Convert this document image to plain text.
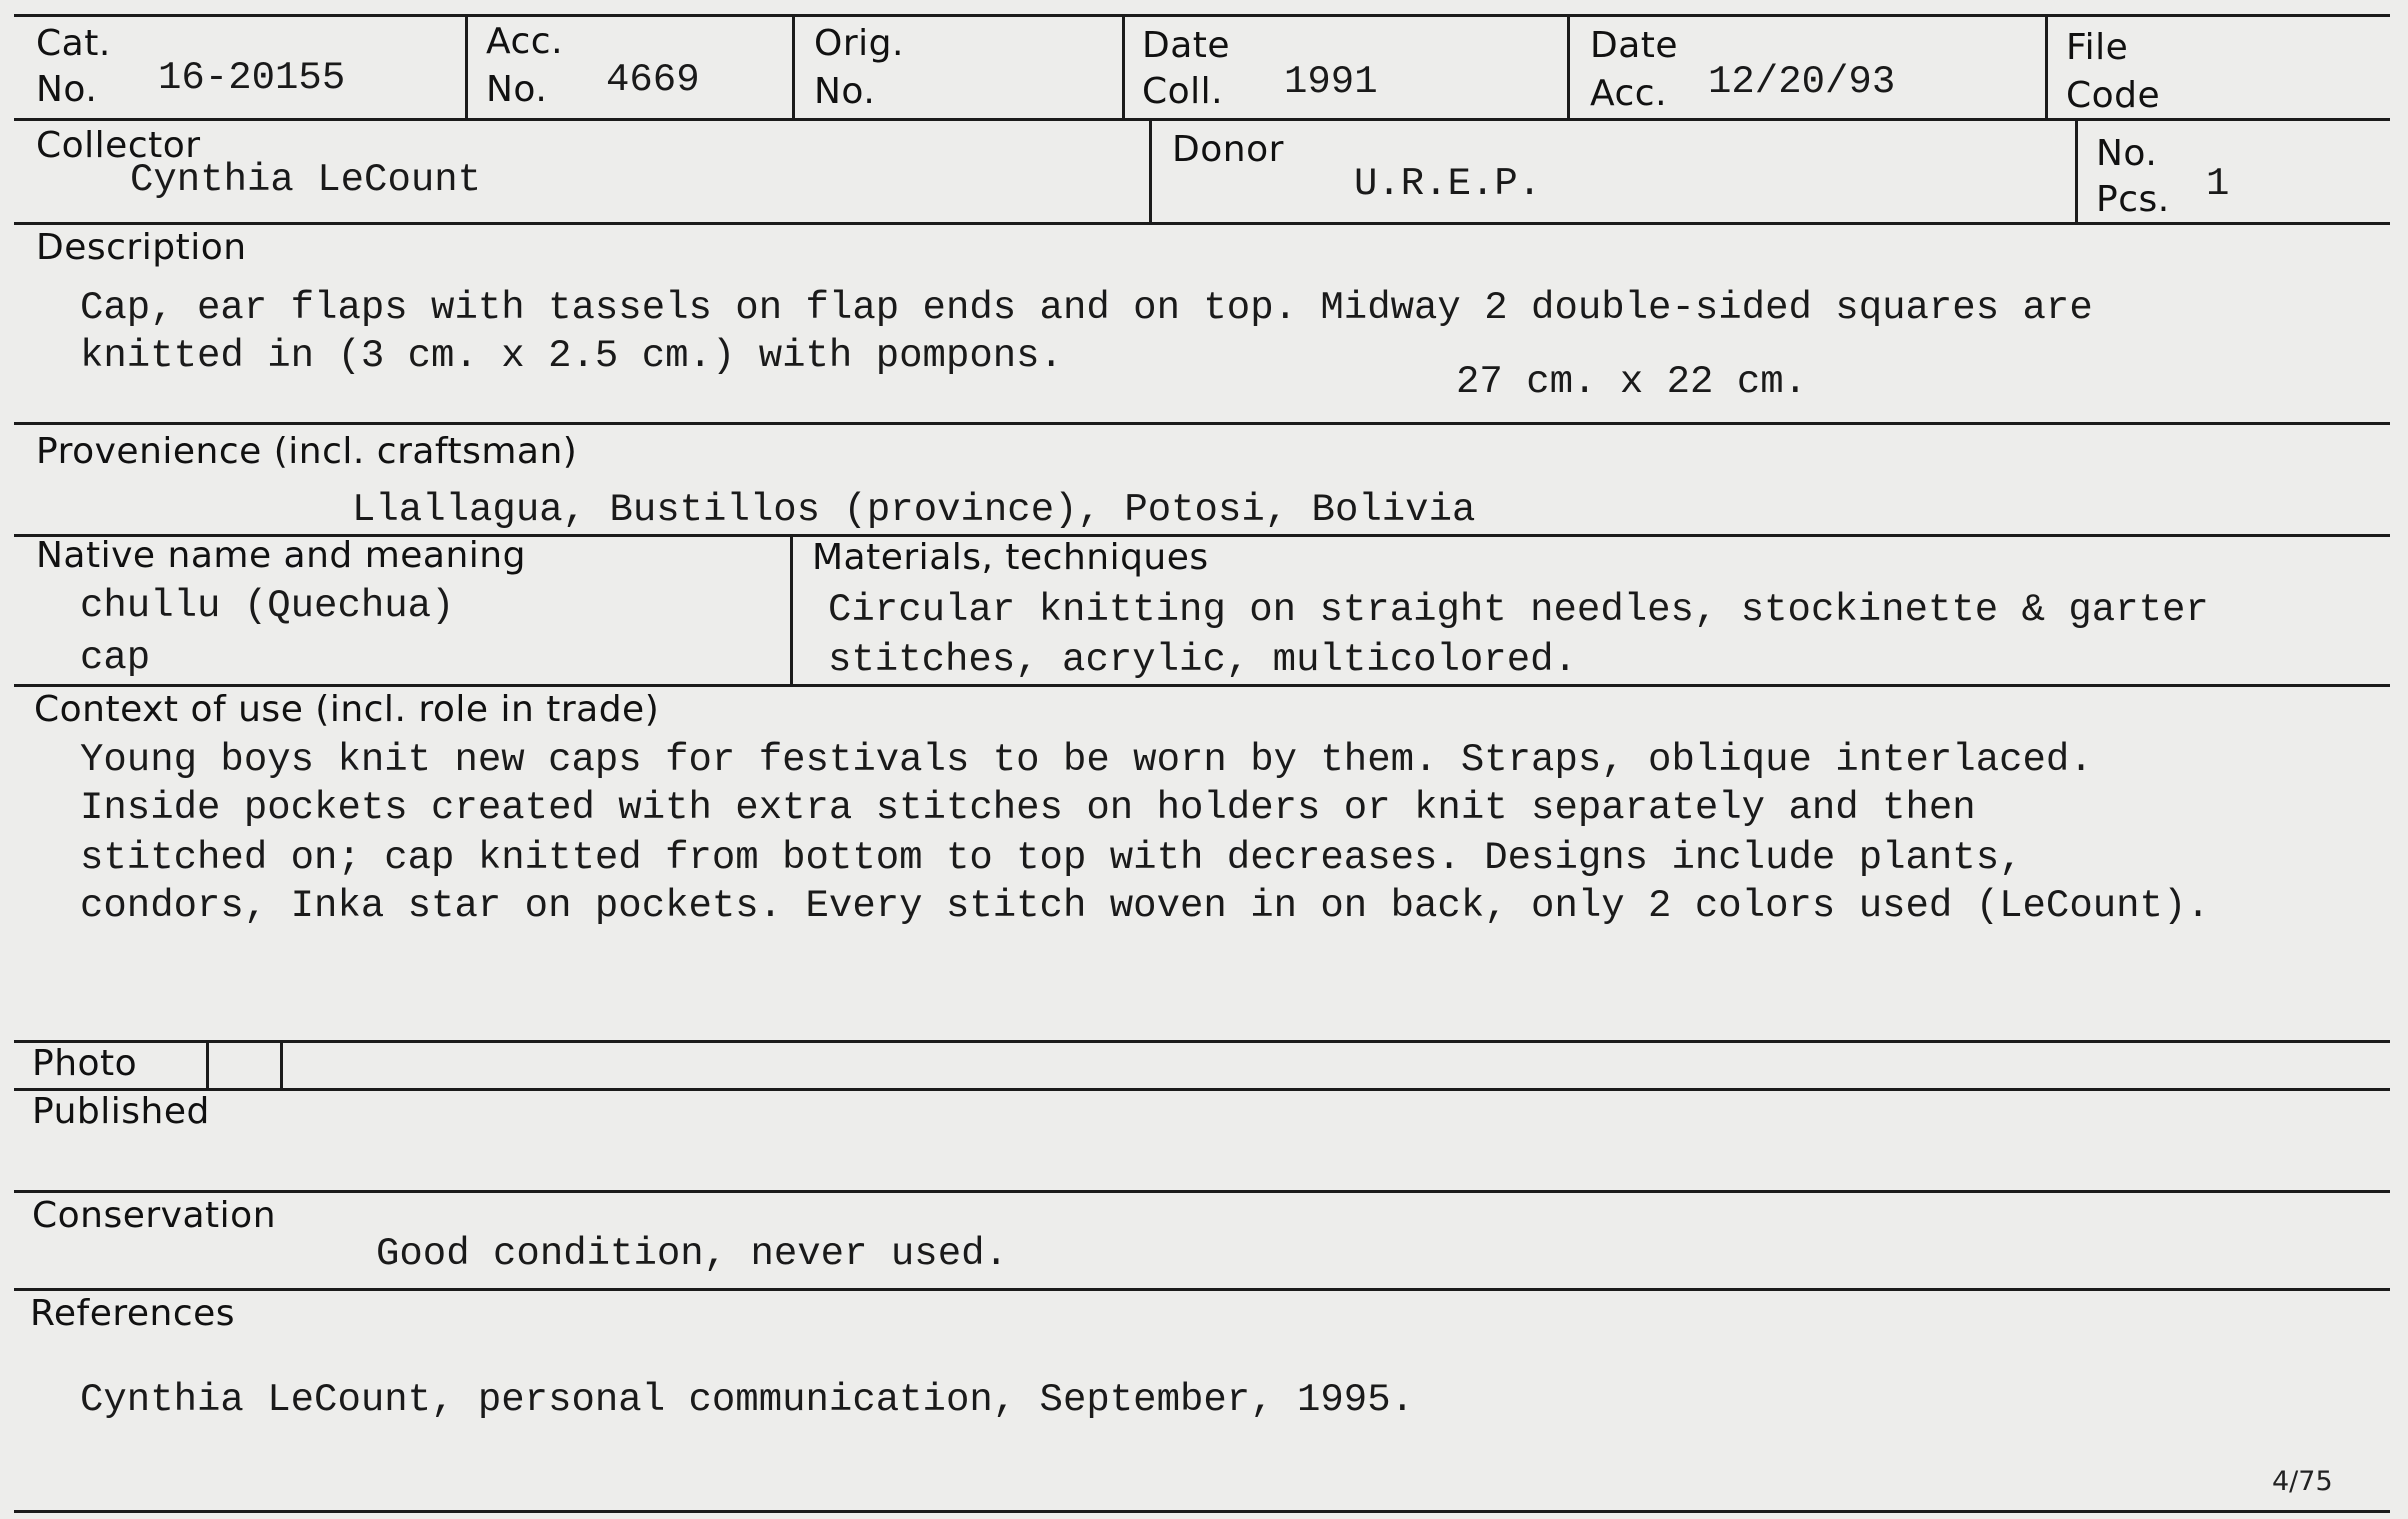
Cat.
No. 16-20155
Acc.
No. 4669
Orig.
No.
Date
Coll. 1991
Date
Acc. 12/20/93
File
Code
Collector
Cynthia LeCount
Donor
U.R.E.P.
No.
Pcs. 1
Description
Cap, ear flaps with tassels on flap ends and on top. Midway 2 double-sided squares are
knitted in (3 cm. x 2.5 cm.) with pompons.
27 cm. x 22 cm.
Provenience (incl. craftsman)
Llallagua, Bustillos (province), Potosi, Bolivia
Native name and meaning
chullu (Quechua)
cap
Materials, techniques
Circular knitting on straight needles, stockinette & garter
stitches, acrylic, multicolored.
Context of use (incl. role in trade)
Young boys knit new caps for festivals to be worn by them. Straps, oblique interlaced.
Inside pockets created with extra stitches on holders or knit separately and then
stitched on; cap knitted from bottom to top with decreases. Designs include plants,
condors, Inka star on pockets. Every stitch woven in on back, only 2 colors used (LeCount).
Photo
Published
Conservation
Good condition, never used.
References
Cynthia LeCount, personal communication, September, 1995.
4/75
